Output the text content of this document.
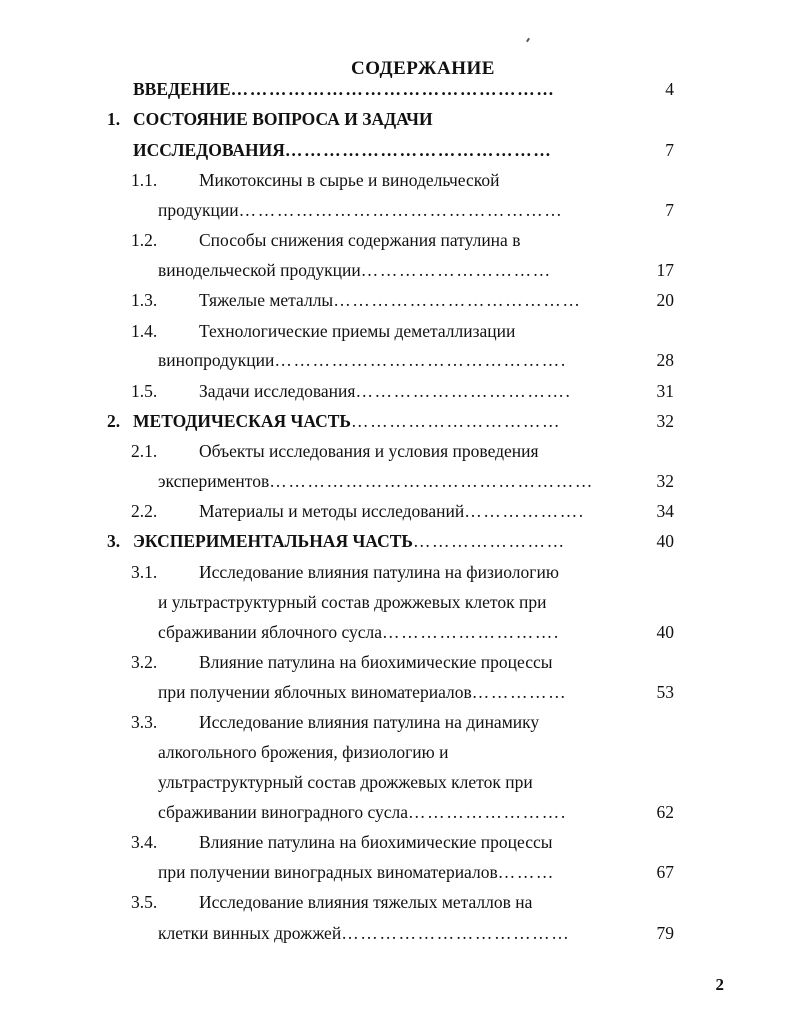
СОДЕРЖАНИЕ
ВВЕДЕНИЕ……………………………………………	4
1. СОСТОЯНИЕ ВОПРОСА И ЗАДАЧИ
ИССЛЕДОВАНИЯ……………………………………	7
1.1. Микотоксины в сырье и винодельческой
продукции……………………………………………	7
1.2. Способы снижения содержания патулина в
винодельческой продукции…………………………	17
1.3. Тяжелые металлы…………………………………	20
1.4. Технологические приемы деметаллизации
винопродукции……………………………………….	28
1.5. Задачи исследования…………………………….	31
2. МЕТОДИЧЕСКАЯ ЧАСТЬ……………………………	32
2.1. Объекты исследования и условия проведения
экспериментов……………………………………………	32
2.2. Материалы и методы исследований……………….	34
3. ЭКСПЕРИМЕНТАЛЬНАЯ ЧАСТЬ……………………	40
3.1. Исследование влияния патулина на физиологию
и ультраструктурный состав дрожжевых клеток при
сбраживании яблочного сусла……………………….	40
3.2. Влияние патулина на биохимические процессы
при получении яблочных виноматериалов……………	53
3.3. Исследование влияния патулина на динамику
алкогольного брожения, физиологию и
ультраструктурный состав дрожжевых клеток при
сбраживании виноградного сусла…………………….	62
3.4. Влияние патулина на биохимические процессы
при получении виноградных виноматериалов………	67
3.5. Исследование влияния тяжелых металлов на
клетки винных дрожжей………………………………	79
2
